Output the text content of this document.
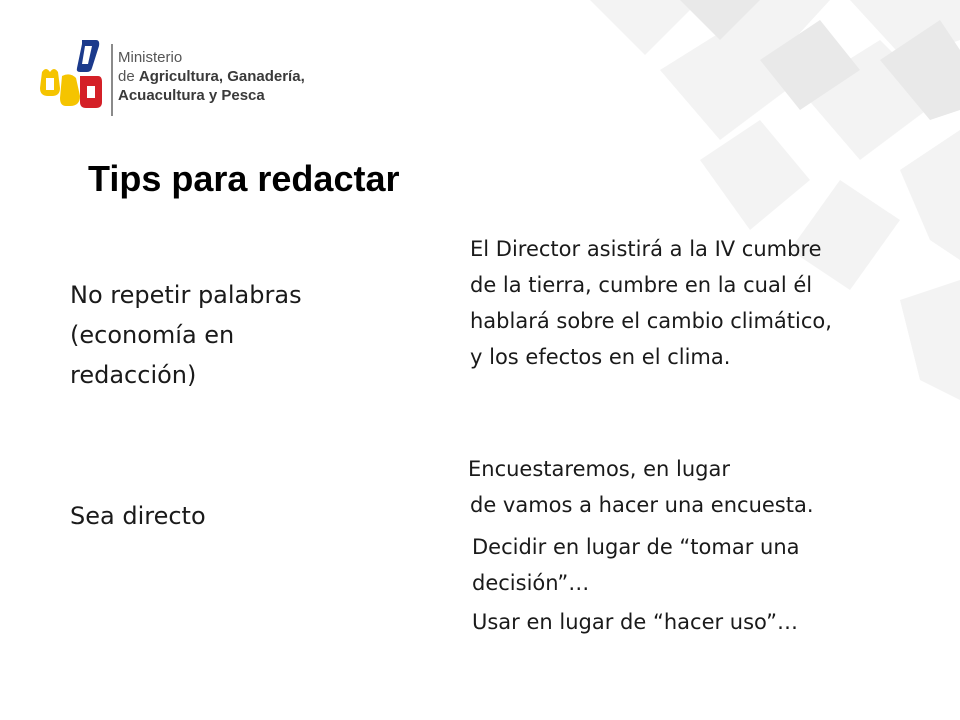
Ministerio
de Agricultura, Ganadería,
Acuacultura y Pesca
Tips para redactar
No repetir palabras
(economía en
redacción)
El Director asistirá a la IV cumbre
de la tierra, cumbre en la cual él
hablará sobre el cambio climático,
y los efectos en el clima.
Sea directo
Encuestaremos, en lugar
de vamos a hacer una encuesta.
Decidir en lugar de “tomar una
decisión”…
Usar en lugar de “hacer uso”…
